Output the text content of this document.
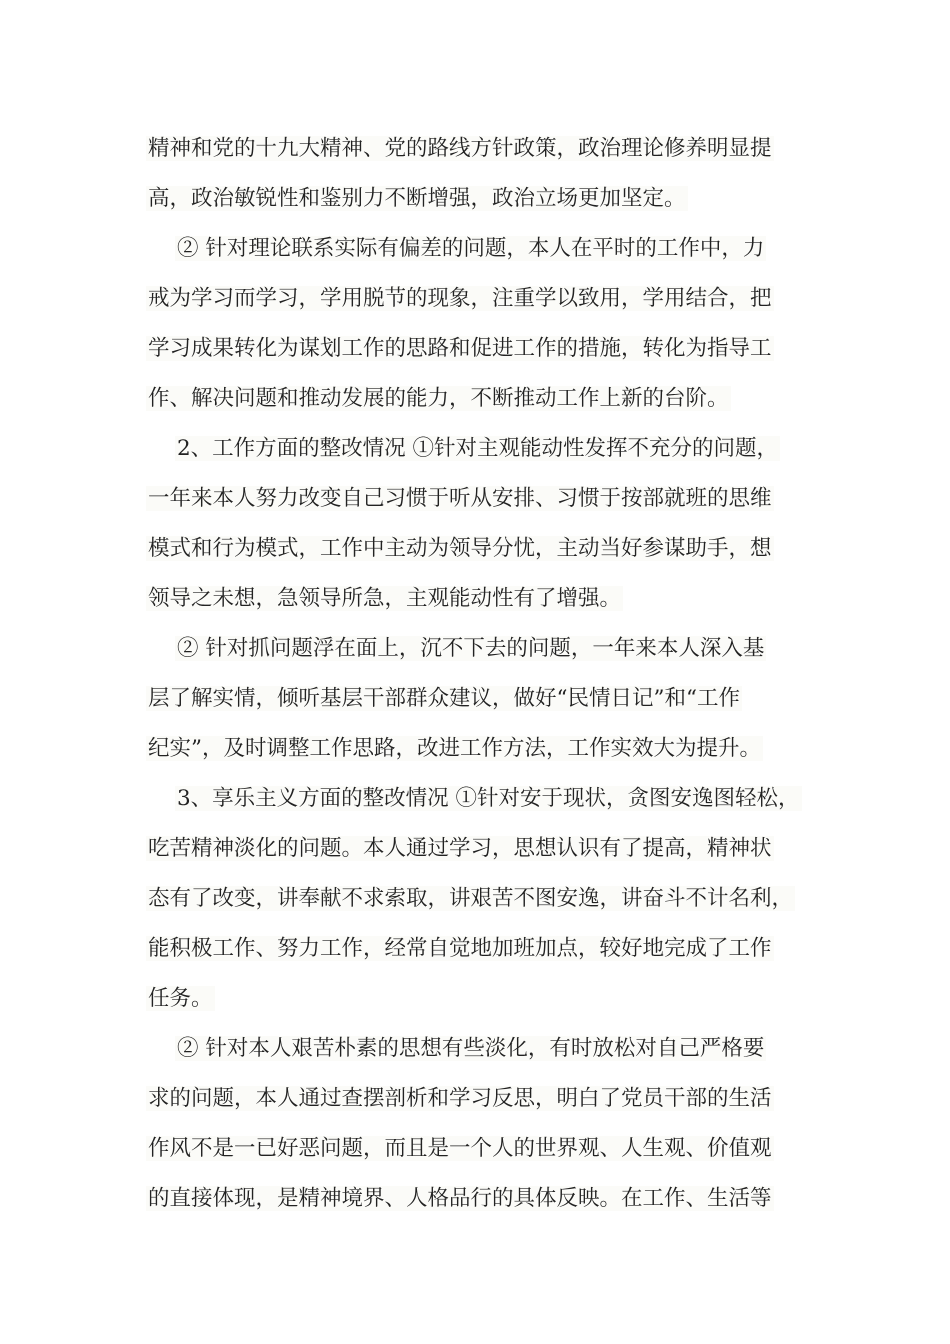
精神和党的十九大精神、党的路线方针政策，政治理论修养明显提
高，政治敏锐性和鉴别力不断增强，政治立场更加坚定。
② 针对理论联系实际有偏差的问题，本人在平时的工作中，力
戒为学习而学习，学用脱节的现象，注重学以致用，学用结合，把
学习成果转化为谋划工作的思路和促进工作的措施，转化为指导工
作、解决问题和推动发展的能力，不断推动工作上新的台阶。
2、工作方面的整改情况 ①针对主观能动性发挥不充分的问题，
一年来本人努力改变自己习惯于听从安排、习惯于按部就班的思维
模式和行为模式，工作中主动为领导分忧，主动当好参谋助手，想
领导之未想，急领导所急，主观能动性有了增强。
② 针对抓问题浮在面上，沉不下去的问题，一年来本人深入基
层了解实情，倾听基层干部群众建议，做好“民情日记”和“工作
纪实”，及时调整工作思路，改进工作方法，工作实效大为提升。
3、享乐主义方面的整改情况 ①针对安于现状，贪图安逸图轻松，
吃苦精神淡化的问题。本人通过学习，思想认识有了提高，精神状
态有了改变，讲奉献不求索取，讲艰苦不图安逸，讲奋斗不计名利，
能积极工作、努力工作，经常自觉地加班加点，较好地完成了工作
任务。
② 针对本人艰苦朴素的思想有些淡化，有时放松对自己严格要
求的问题，本人通过查摆剖析和学习反思，明白了党员干部的生活
作风不是一已好恶问题，而且是一个人的世界观、人生观、价值观
的直接体现，是精神境界、人格品行的具体反映。在工作、生活等
